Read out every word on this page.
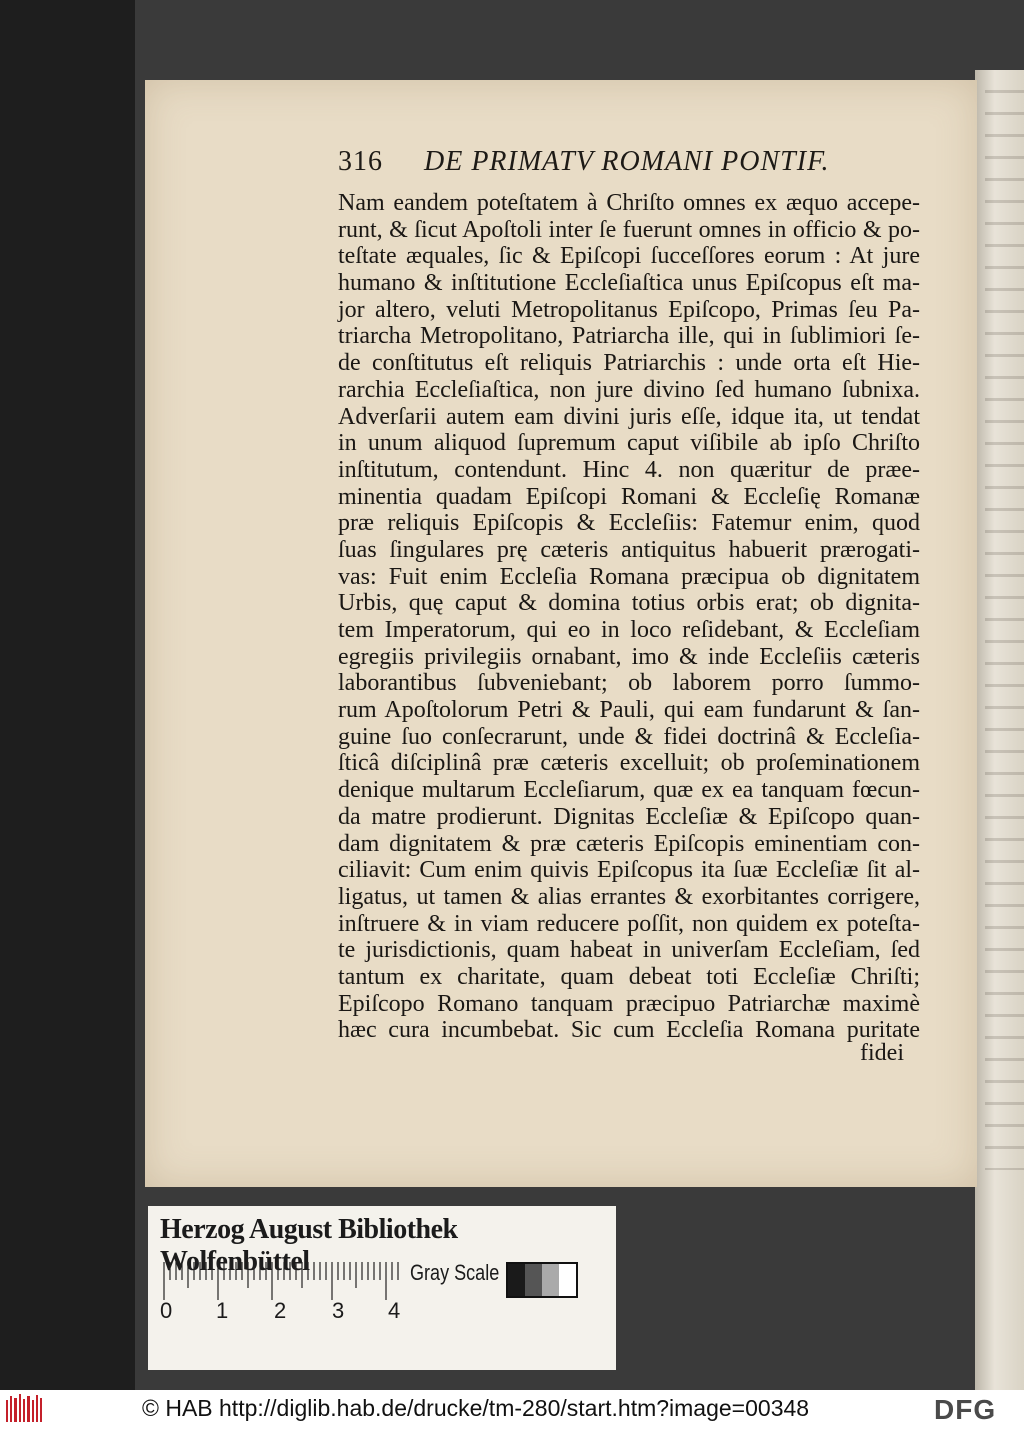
316 DE PRIMATV ROMANI PONTIF.
Nam eandem poteſtatem à Chriſto omnes ex æquo accepe-
runt, & ſicut Apoſtoli inter ſe fuerunt omnes in officio & po-
teſtate æquales, ſic & Epiſcopi ſucceſſores eorum : At jure
humano & inſtitutione Eccleſiaſtica unus Epiſcopus eſt ma-
jor altero, veluti Metropolitanus Epiſcopo, Primas ſeu Pa-
triarcha Metropolitano, Patriarcha ille, qui in ſublimiori ſe-
de conſtitutus eſt reliquis Patriarchis : unde orta eſt Hie-
rarchia Eccleſiaſtica, non jure divino ſed humano ſubnixa.
Adverſarii autem eam divini juris eſſe, idque ita, ut tendat
in unum aliquod ſupremum caput viſibile ab ipſo Chriſto
inſtitutum, contendunt. Hinc 4. non quæritur de præe-
minentia quadam Epiſcopi Romani & Eccleſię Romanæ
præ reliquis Epiſcopis & Eccleſiis: Fatemur enim, quod
ſuas ſingulares prę cæteris antiquitus habuerit prærogati-
vas: Fuit enim Eccleſia Romana præcipua ob dignitatem
Urbis, quę caput & domina totius orbis erat; ob dignita-
tem Imperatorum, qui eo in loco reſidebant, & Eccleſiam
egregiis privilegiis ornabant, imo & inde Eccleſiis cæteris
laborantibus ſubveniebant; ob laborem porro ſummo-
rum Apoſtolorum Petri & Pauli, qui eam fundarunt & ſan-
guine ſuo conſecrarunt, unde & fidei doctrinâ & Eccleſia-
ſticâ diſciplinâ præ cæteris excelluit; ob proſeminationem
denique multarum Eccleſiarum, quæ ex ea tanquam fœcun-
da matre prodierunt. Dignitas Eccleſiæ & Epiſcopo quan-
dam dignitatem & præ cæteris Epiſcopis eminentiam con-
ciliavit: Cum enim quivis Epiſcopus ita ſuæ Eccleſiæ ſit al-
ligatus, ut tamen & alias errantes & exorbitantes corrigere,
inſtruere & in viam reducere poſſit, non quidem ex poteſta-
te jurisdictionis, quam habeat in univerſam Eccleſiam, ſed
tantum ex charitate, quam debeat toti Eccleſiæ Chriſti;
Epiſcopo Romano tanquam præcipuo Patriarchæ maximè
hæc cura incumbebat. Sic cum Eccleſia Romana puritate
fidei
Herzog August Bibliothek Wolfenbüttel
0 1 2 3 4
Gray Scale
© HAB http://diglib.hab.de/drucke/tm-280/start.htm?image=00348	DFG
